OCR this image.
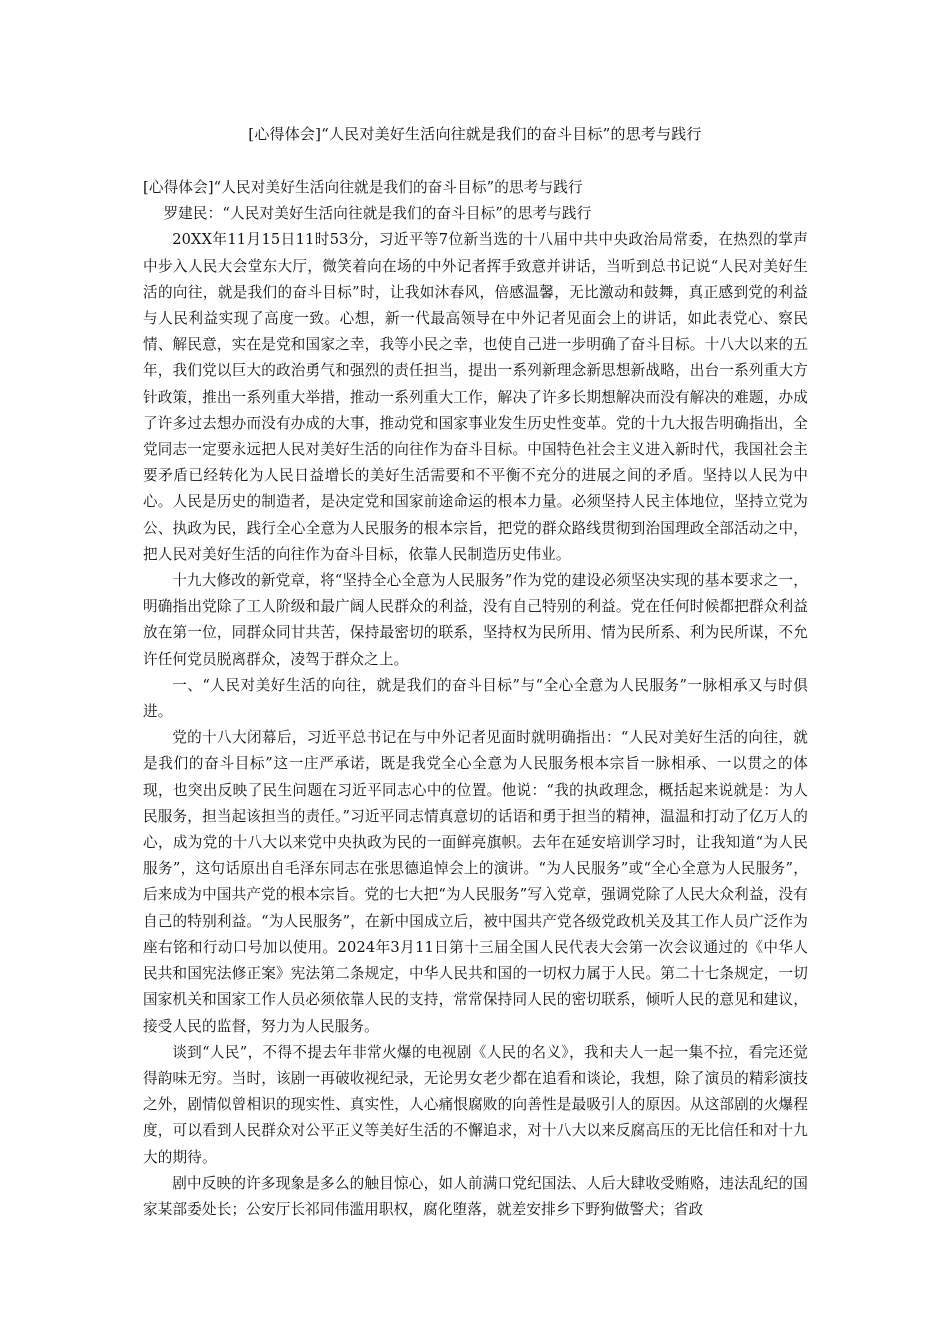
[心得体会]“人民对美好生活向往就是我们的奋斗目标”的思考与践行

[心得体会]“人民对美好生活向往就是我们的奋斗目标”的思考与践行

罗建民：“人民对美好生活向往就是我们的奋斗目标”的思考与践行

20XX年11月15日11时53分，习近平等7位新当选的十八届中共中央政治局常委，在热烈的掌声中步入人民大会堂东大厅，微笑着向在场的中外记者挥手致意并讲话，当听到总书记说“人民对美好生活的向往，就是我们的奋斗目标”时，让我如沐春风，倍感温馨，无比激动和鼓舞，真正感到党的利益与人民利益实现了高度一致。心想，新一代最高领导在中外记者见面会上的讲话，如此表党心、察民情、解民意，实在是党和国家之幸，我等小民之幸，也使自己进一步明确了奋斗目标。十八大以来的五年，我们党以巨大的政治勇气和强烈的责任担当，提出一系列新理念新思想新战略，出台一系列重大方针政策，推出一系列重大举措，推动一系列重大工作，解决了许多长期想解决而没有解决的难题，办成了许多过去想办而没有办成的大事，推动党和国家事业发生历史性变革。党的十九大报告明确指出，全党同志一定要永远把人民对美好生活的向往作为奋斗目标。中国特色社会主义进入新时代，我国社会主要矛盾已经转化为人民日益增长的美好生活需要和不平衡不充分的进展之间的矛盾。坚持以人民为中心。人民是历史的制造者，是决定党和国家前途命运的根本力量。必须坚持人民主体地位，坚持立党为公、执政为民，践行全心全意为人民服务的根本宗旨，把党的群众路线贯彻到治国理政全部活动之中，把人民对美好生活的向往作为奋斗目标，依靠人民制造历史伟业。

十九大修改的新党章，将“坚持全心全意为人民服务”作为党的建设必须坚决实现的基本要求之一，明确指出党除了工人阶级和最广阔人民群众的利益，没有自己特别的利益。党在任何时候都把群众利益放在第一位，同群众同甘共苦，保持最密切的联系，坚持权为民所用、情为民所系、利为民所谋，不允许任何党员脱离群众，凌驾于群众之上。

一、“人民对美好生活的向往，就是我们的奋斗目标”与“全心全意为人民服务”一脉相承又与时俱进。

党的十八大闭幕后，习近平总书记在与中外记者见面时就明确指出：“人民对美好生活的向往，就是我们的奋斗目标”这一庄严承诺，既是我党全心全意为人民服务根本宗旨一脉相承、一以贯之的体现，也突出反映了民生问题在习近平同志心中的位置。他说：“我的执政理念，概括起来说就是：为人民服务，担当起该担当的责任。”习近平同志情真意切的话语和勇于担当的精神，温温和打动了亿万人的心，成为党的十八大以来党中央执政为民的一面鲜亮旗帜。去年在延安培训学习时，让我知道“为人民服务”，这句话原出自毛泽东同志在张思德追悼会上的演讲。“为人民服务”或“全心全意为人民服务”，后来成为中国共产党的根本宗旨。党的七大把“为人民服务”写入党章，强调党除了人民大众利益，没有自己的特别利益。“为人民服务”，在新中国成立后，被中国共产党各级党政机关及其工作人员广泛作为座右铭和行动口号加以使用。2024年3月11日第十三届全国人民代表大会第一次会议通过的《中华人民共和国宪法修正案》宪法第二条规定，中华人民共和国的一切权力属于人民。第二十七条规定，一切国家机关和国家工作人员必须依靠人民的支持，常常保持同人民的密切联系，倾听人民的意见和建议，接受人民的监督，努力为人民服务。

谈到“人民”，不得不提去年非常火爆的电视剧《人民的名义》，我和夫人一起一集不拉，看完还觉得韵味无穷。当时，该剧一再破收视纪录，无论男女老少都在追看和谈论，我想，除了演员的精彩演技之外，剧情似曾相识的现实性、真实性，人心痛恨腐败的向善性是最吸引人的原因。从这部剧的火爆程度，可以看到人民群众对公平正义等美好生活的不懈追求，对十八大以来反腐高压的无比信任和对十九大的期待。

剧中反映的许多现象是多么的触目惊心，如人前满口党纪国法、人后大肆收受贿赂，违法乱纪的国家某部委处长；公安厅长祁同伟滥用职权，腐化堕落，就差安排乡下野狗做警犬；省政
